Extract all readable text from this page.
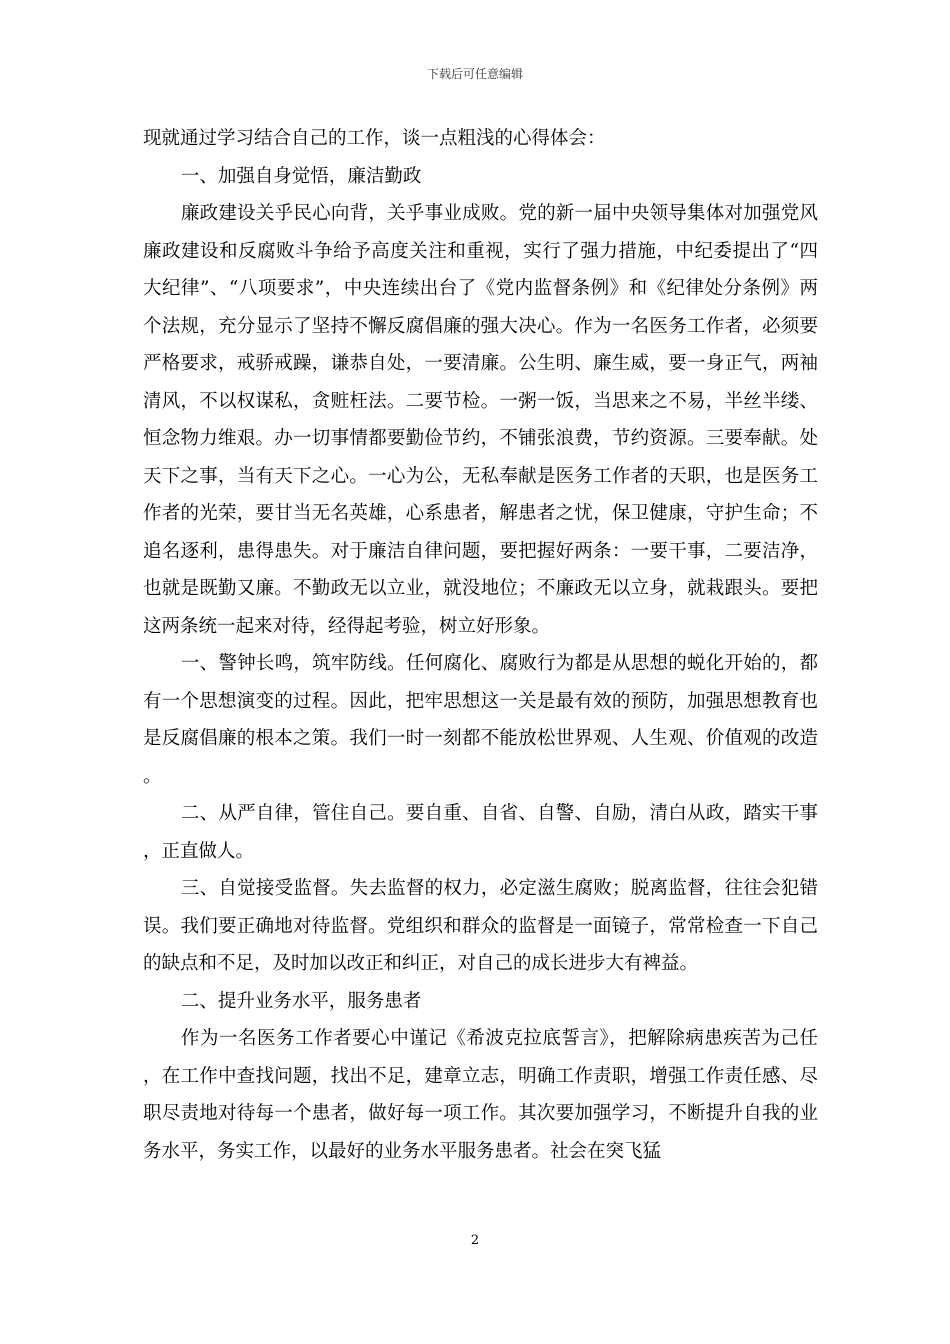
下载后可任意编辑

现就通过学习结合自己的工作，谈一点粗浅的心得体会：

一、加强自身觉悟，廉洁勤政

廉政建设关乎民心向背，关乎事业成败。党的新一届中央领导集体对加强党风廉政建设和反腐败斗争给予高度关注和重视，实行了强力措施，中纪委提出了“四大纪律”、“八项要求”，中央连续出台了《党内监督条例》和《纪律处分条例》两个法规，充分显示了坚持不懈反腐倡廉的强大决心。作为一名医务工作者，必须要严格要求，戒骄戒躁，谦恭自处，一要清廉。公生明、廉生威，要一身正气，两袖清风，不以权谋私，贪赃枉法。二要节检。一粥一饭，当思来之不易，半丝半缕、恒念物力维艰。办一切事情都要勤俭节约，不铺张浪费，节约资源。三要奉献。处天下之事，当有天下之心。一心为公，无私奉献是医务工作者的天职，也是医务工作者的光荣，要甘当无名英雄，心系患者，解患者之忧，保卫健康，守护生命；不追名逐利，患得患失。对于廉洁自律问题，要把握好两条：一要干事，二要洁净，也就是既勤又廉。不勤政无以立业，就没地位；不廉政无以立身，就栽跟头。要把这两条统一起来对待，经得起考验，树立好形象。

一、警钟长鸣，筑牢防线。任何腐化、腐败行为都是从思想的蜕化开始的，都有一个思想演变的过程。因此，把牢思想这一关是最有效的预防，加强思想教育也是反腐倡廉的根本之策。我们一时一刻都不能放松世界观、人生观、价值观的改造。

二、从严自律，管住自己。要自重、自省、自警、自励，清白从政，踏实干事，正直做人。

三、自觉接受监督。失去监督的权力，必定滋生腐败；脱离监督，往往会犯错误。我们要正确地对待监督。党组织和群众的监督是一面镜子，常常检查一下自己的缺点和不足，及时加以改正和纠正，对自己的成长进步大有裨益。

二、提升业务水平，服务患者

作为一名医务工作者要心中谨记《希波克拉底誓言》，把解除病患疾苦为己任，在工作中查找问题，找出不足，建章立志，明确工作责职，增强工作责任感、尽职尽责地对待每一个患者，做好每一项工作。其次要加强学习，不断提升自我的业务水平，务实工作，以最好的业务水平服务患者。社会在突飞猛

2
